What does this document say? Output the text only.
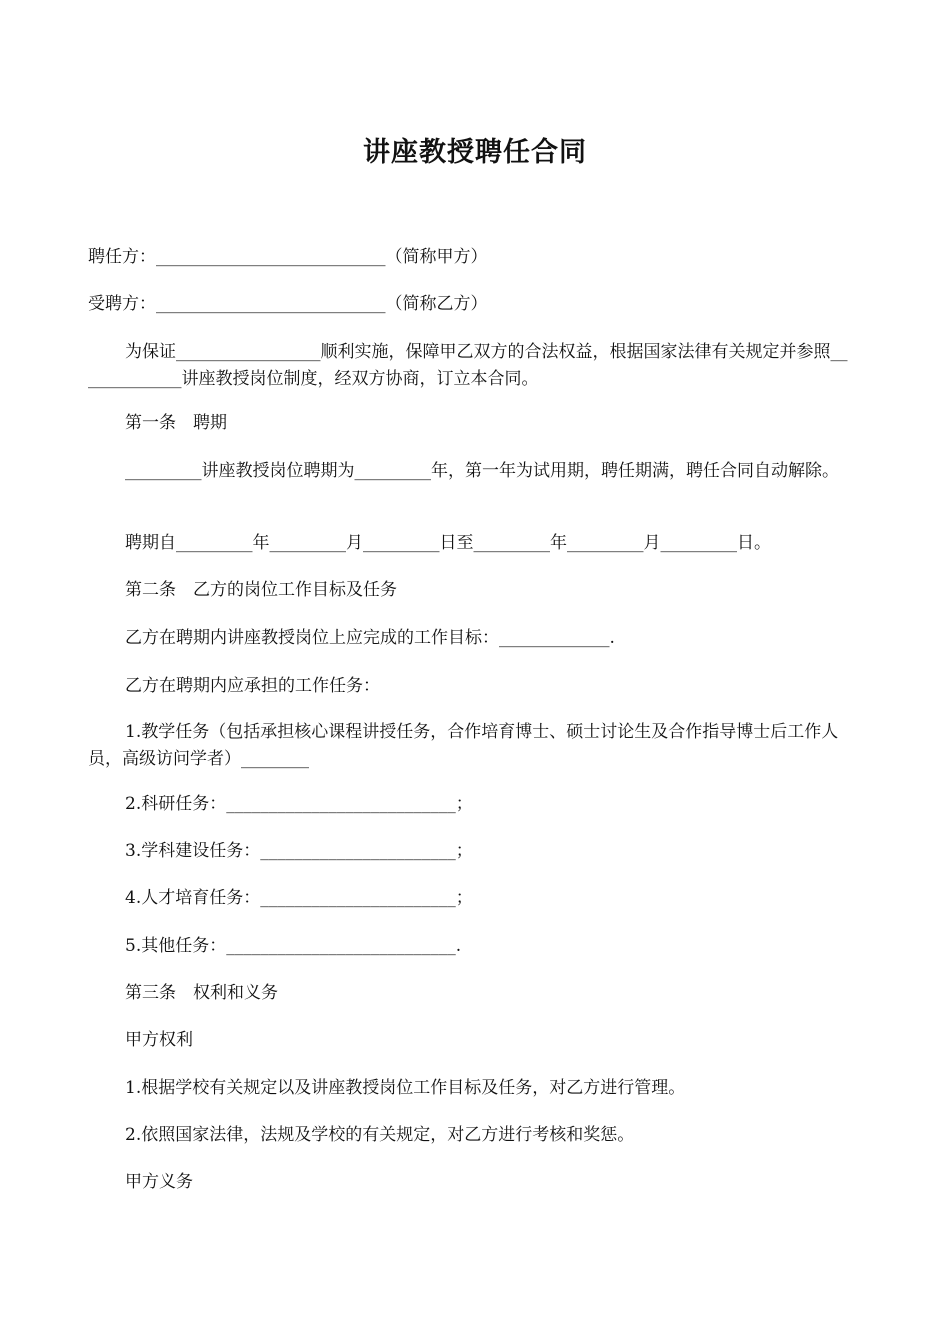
讲座教授聘任合同

聘任方：___________________________（简称甲方）

受聘方：___________________________（简称乙方）

为保证_________________顺利实施，保障甲乙双方的合法权益，根据国家法律有关规定并参照_____________讲座教授岗位制度，经双方协商，订立本合同。

第一条　聘期

_________讲座教授岗位聘期为_________年，第一年为试用期，聘任期满，聘任合同自动解除。

聘期自_________年_________月_________日至_________年_________月_________日。

第二条　乙方的岗位工作目标及任务

乙方在聘期内讲座教授岗位上应完成的工作目标：_____________.

乙方在聘期内应承担的工作任务：

1.教学任务（包括承担核心课程讲授任务，合作培育博士、硕士讨论生及合作指导博士后工作人员，高级访问学者）________

2.科研任务：___________________________；

3.学科建设任务：_______________________；

4.人才培育任务：_______________________；

5.其他任务：___________________________.

第三条　权利和义务

甲方权利

1.根据学校有关规定以及讲座教授岗位工作目标及任务，对乙方进行管理。

2.依照国家法律，法规及学校的有关规定，对乙方进行考核和奖惩。

甲方义务
